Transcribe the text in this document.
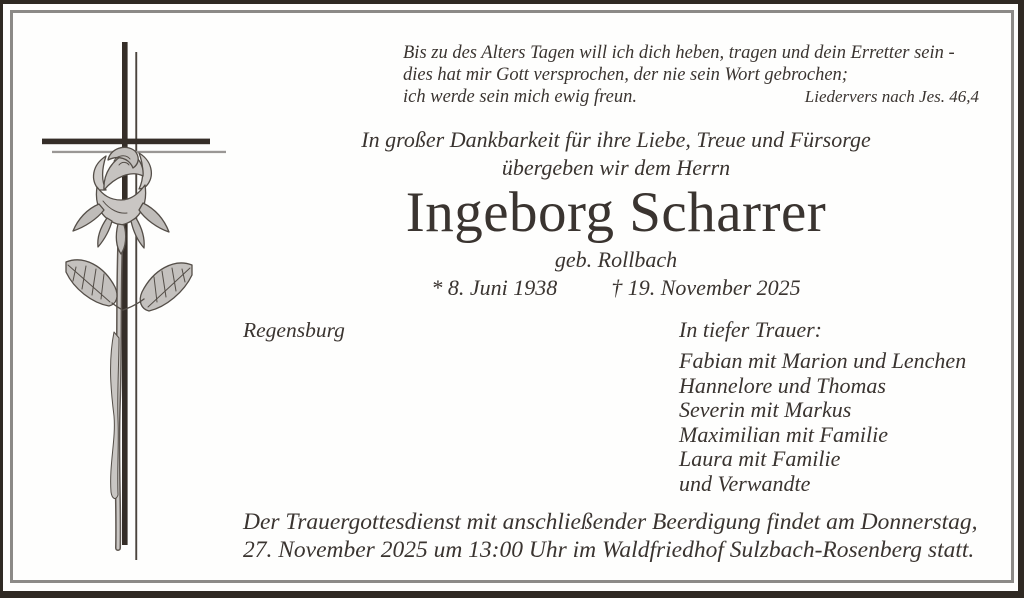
Bis zu des Alters Tagen will ich dich heben, tragen und dein Erretter sein -
dies hat mir Gott versprochen, der nie sein Wort gebrochen;
ich werde sein mich ewig freun.	Liedervers nach Jes. 46,4
In großer Dankbarkeit für ihre Liebe, Treue und Fürsorge
übergeben wir dem Herrn
Ingeborg Scharrer
geb. Rollbach
* 8. Juni 1938 † 19. November 2025
Regensburg	In tiefer Trauer:
Fabian mit Marion und Lenchen
Hannelore und Thomas
Severin mit Markus
Maximilian mit Familie
Laura mit Familie
und Verwandte
Der Trauergottesdienst mit anschließender Beerdigung findet am Donnerstag,
27. November 2025 um 13:00 Uhr im Waldfriedhof Sulzbach-Rosenberg statt.
